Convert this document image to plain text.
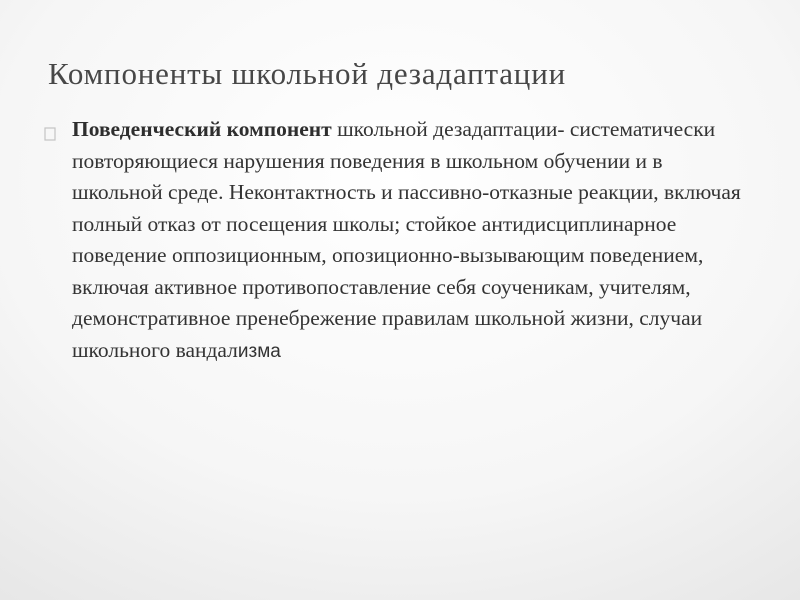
Компоненты школьной дезадаптации
Поведенческий компонент школьной дезадаптации- систематически повторяющиеся нарушения поведения в школьном обучении и в школьной среде. Неконтактность и пассивно-отказные реакции, включая полный отказ от посещения школы; стойкое антидисциплинарное поведение оппозиционным, опозиционно-вызывающим поведением, включая активное противопоставление себя соученикам, учителям, демонстративное пренебрежение правилам школьной жизни, случаи школьного вандализма
